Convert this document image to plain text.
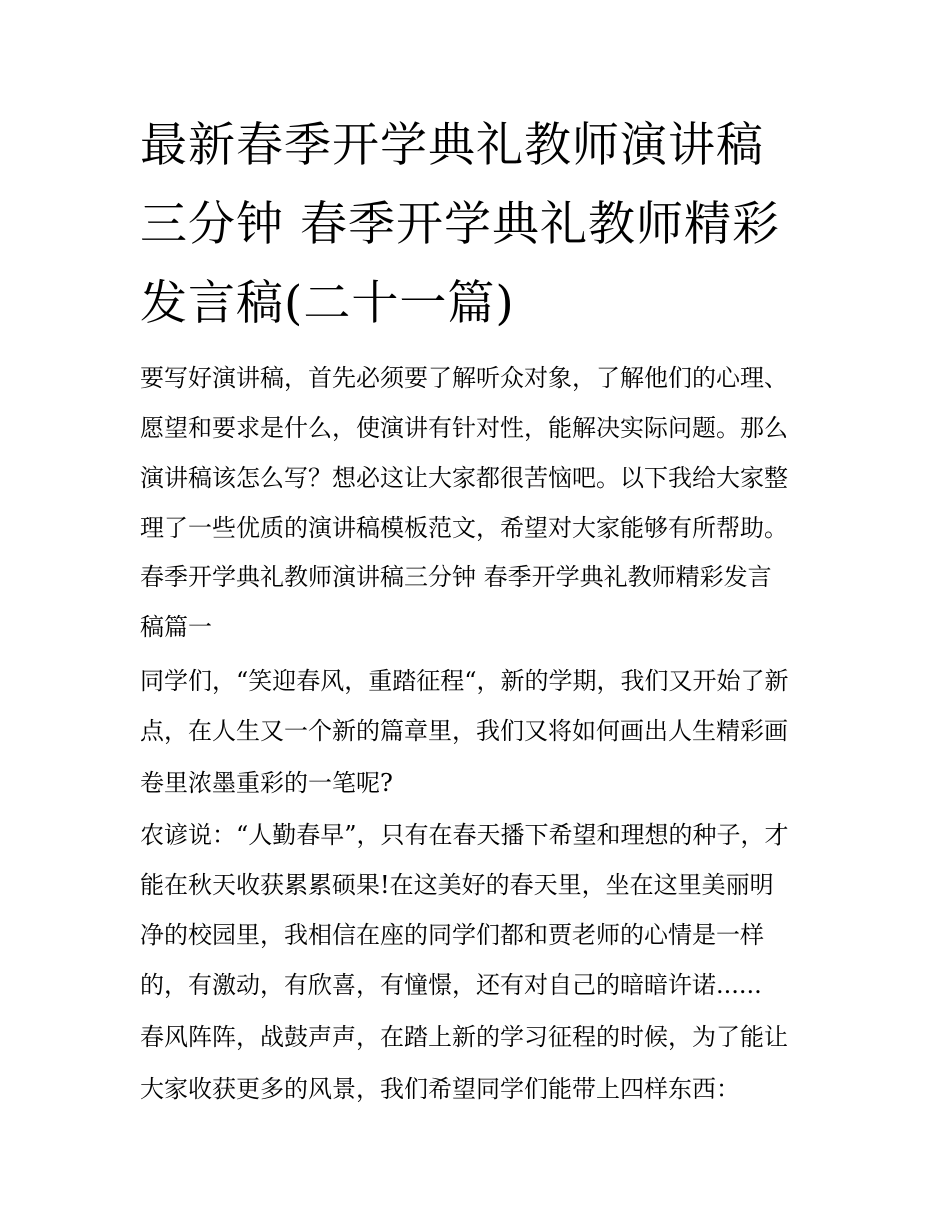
最新春季开学典礼教师演讲稿
三分钟 春季开学典礼教师精彩
发言稿(二十一篇)
要写好演讲稿，首先必须要了解听众对象，了解他们的心理、
愿望和要求是什么，使演讲有针对性，能解决实际问题。那么
演讲稿该怎么写？想必这让大家都很苦恼吧。以下我给大家整
理了一些优质的演讲稿模板范文，希望对大家能够有所帮助。
春季开学典礼教师演讲稿三分钟 春季开学典礼教师精彩发言
稿篇一
同学们，“笑迎春风，重踏征程“，新的学期，我们又开始了新
点，在人生又一个新的篇章里，我们又将如何画出人生精彩画
卷里浓墨重彩的一笔呢?
农谚说：“人勤春早”，只有在春天播下希望和理想的种子，才
能在秋天收获累累硕果!在这美好的春天里，坐在这里美丽明
净的校园里，我相信在座的同学们都和贾老师的心情是一样
的，有激动，有欣喜，有憧憬，还有对自己的暗暗许诺......
春风阵阵，战鼓声声，在踏上新的学习征程的时候，为了能让
大家收获更多的风景，我们希望同学们能带上四样东西：
